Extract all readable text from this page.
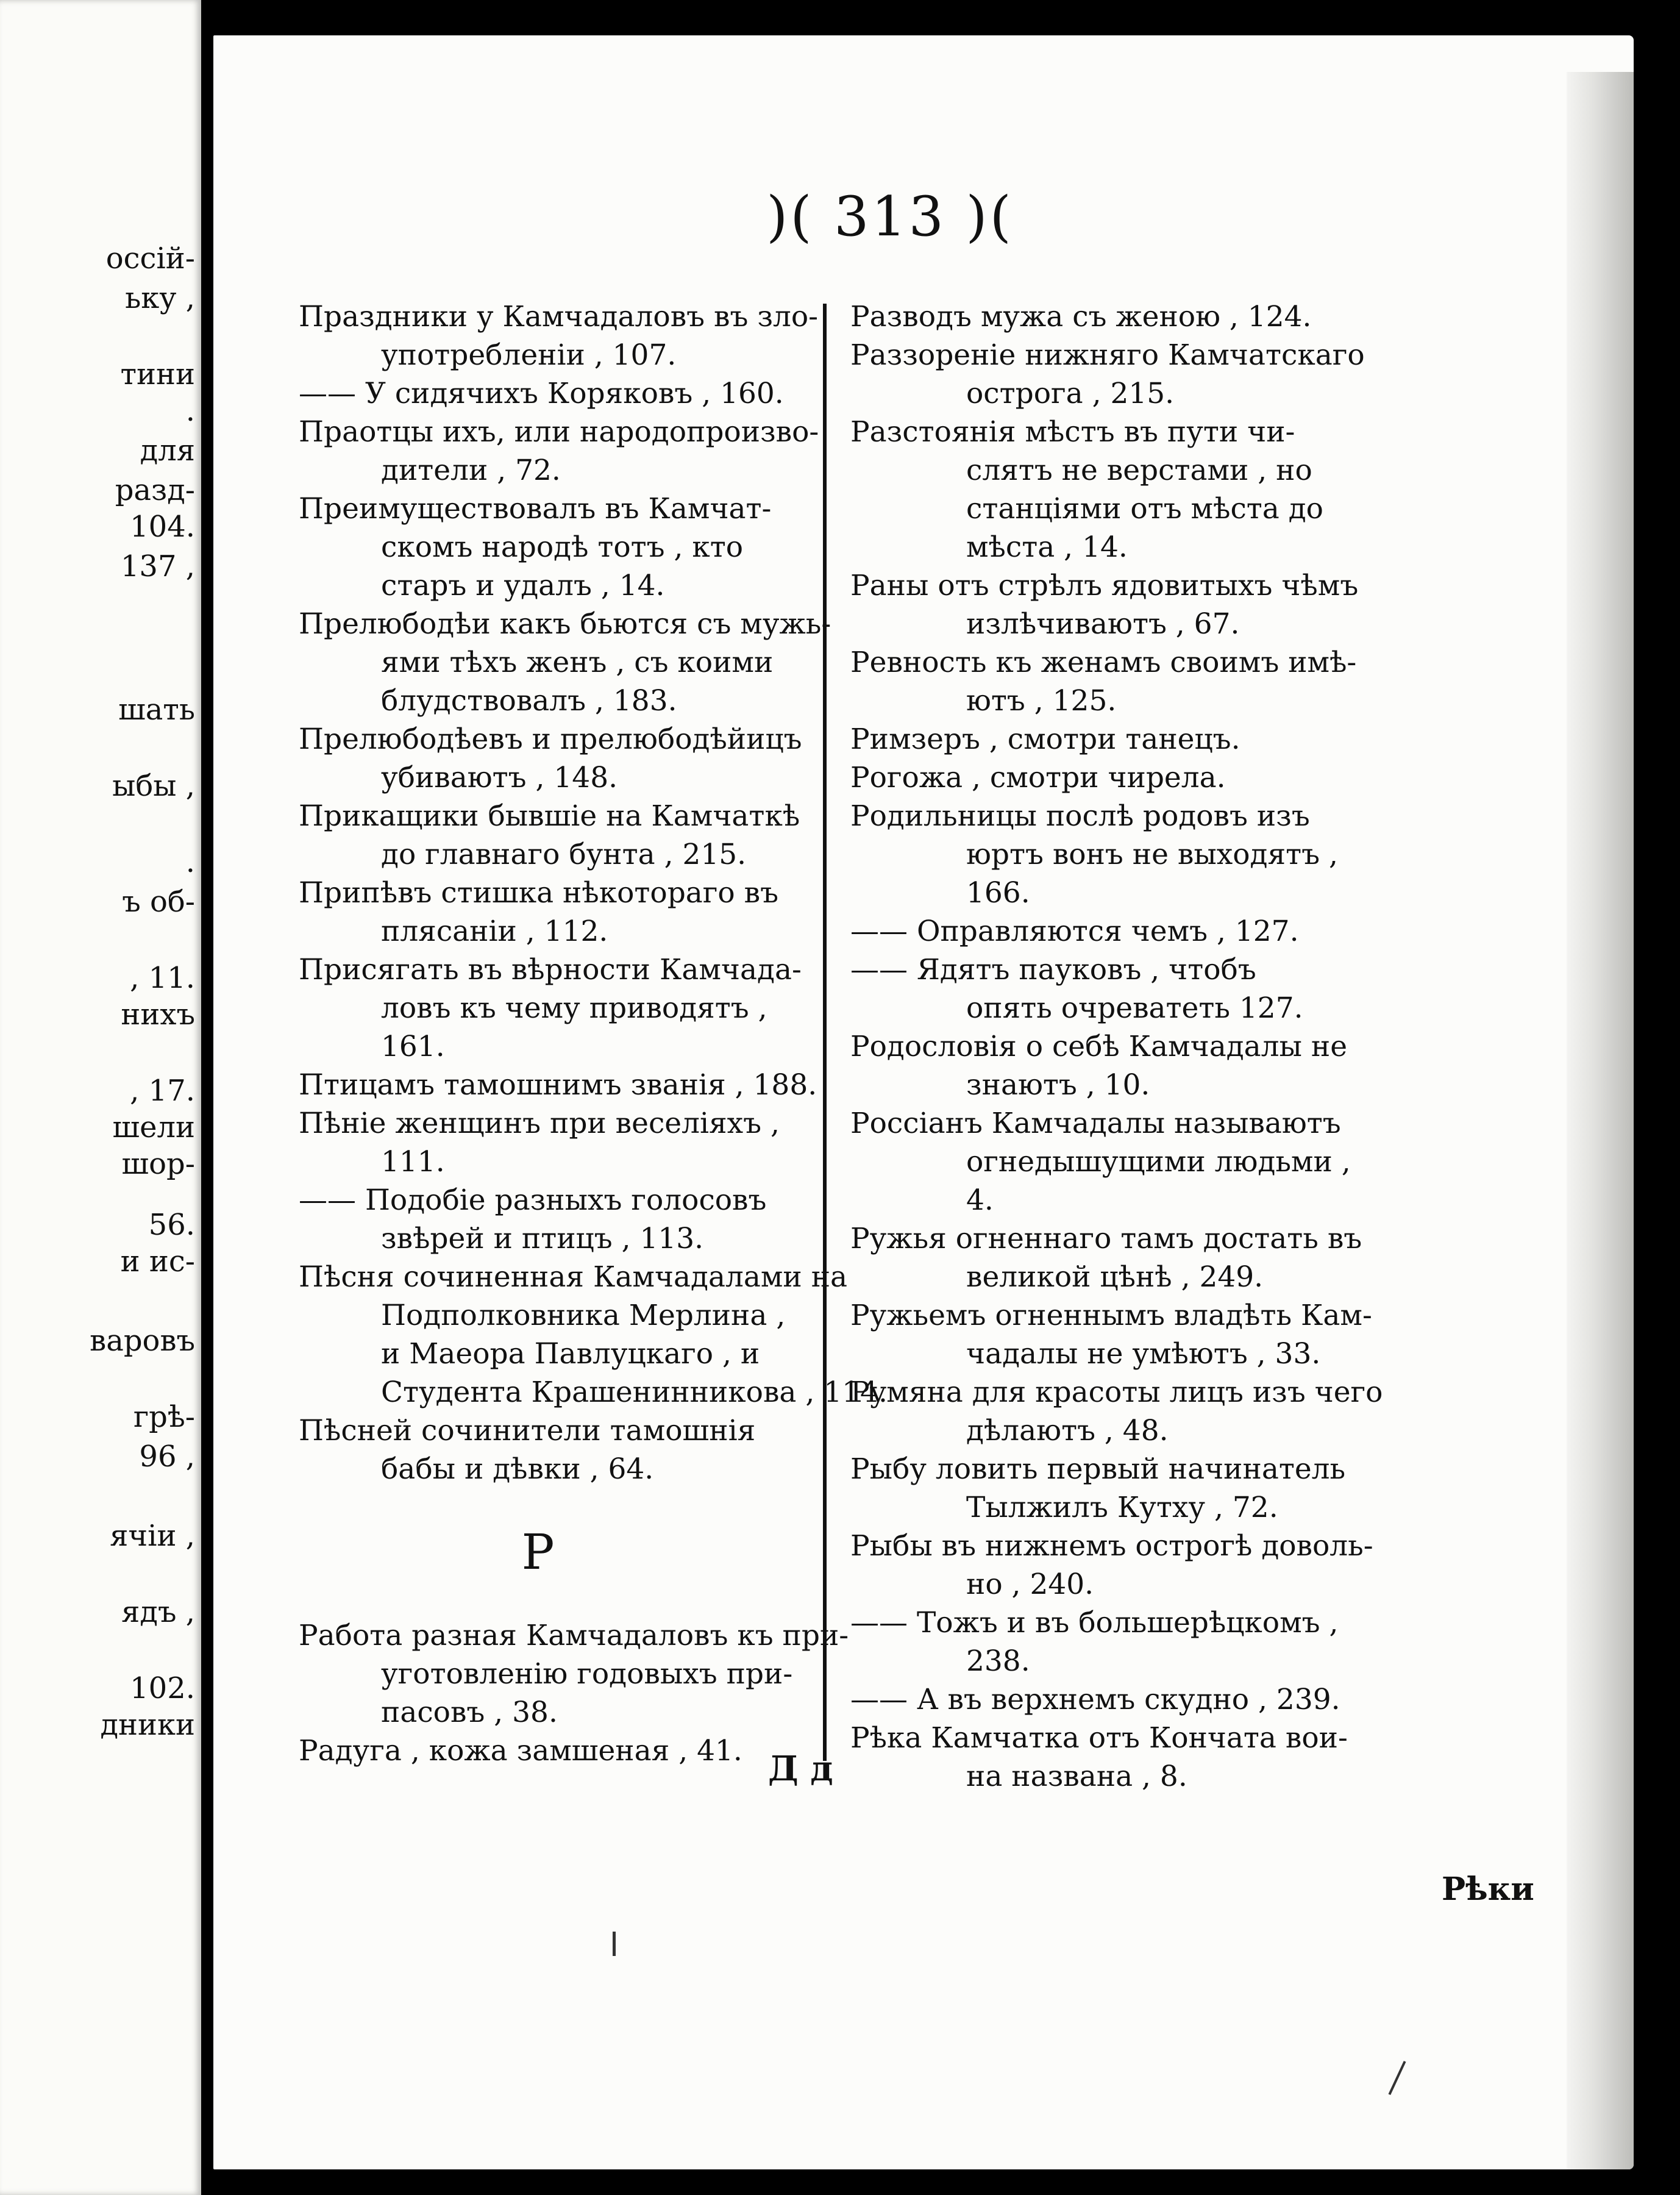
оссій-
ьку ,
тини
.
для
разд-
104.
137 ,
шать
ыбы ,
.
ъ об-
, 11.
нихъ
, 17.
шели
шор-
56.
и ис-
варовъ
грѣ-
96 ,
ячіи ,
ядъ ,
102.
дники
)( 313 )(
Праздники у Камчадаловъ въ зло-
употребленіи , 107.
—— У сидячихъ Коряковъ , 160.
Праотцы ихъ, или народопроизво-
дители , 72.
Преимуществовалъ въ Камчат-
скомъ народѣ тотъ , кто
старъ и удалъ , 14.
Прелюбодѣи какъ бьются съ мужь-
ями тѣхъ женъ , съ коими
блудствовалъ , 183.
Прелюбодѣевъ и прелюбодѣйицъ
убиваютъ , 148.
Прикащики бывшіе на Камчаткѣ
до главнаго бунта , 215.
Припѣвъ стишка нѣкотораго въ
плясаніи , 112.
Присягать въ вѣрности Камчада-
ловъ къ чему приводятъ ,
161.
Птицамъ тамошнимъ званія , 188.
Пѣніе женщинъ при веселіяхъ ,
111.
—— Подобіе разныхъ голосовъ
звѣрей и птицъ , 113.
Пѣсня сочиненная Камчадалами на
Подполковника Мерлина ,
и Маеора Павлуцкаго , и
Студента Крашенинникова , 114.
Пѣсней сочинители тамошнія
бабы и дѣвки , 64.
Р
Работа разная Камчадаловъ къ при-
уготовленію годовыхъ при-
пасовъ , 38.
Радуга , кожа замшеная , 41.
Разводъ мужа съ женою , 124.
Раззореніе нижняго Камчатскаго
острога , 215.
Разстоянія мѣстъ въ пути чи-
слятъ не верстами , но
станціями отъ мѣста до
мѣста , 14.
Раны отъ стрѣлъ ядовитыхъ чѣмъ
излѣчиваютъ , 67.
Ревность къ женамъ своимъ имѣ-
ютъ , 125.
Римзеръ , смотри танецъ.
Рогожа , смотри чирела.
Родильницы послѣ родовъ изъ
юртъ вонъ не выходятъ ,
166.
—— Оправляются чемъ , 127.
—— Ядятъ пауковъ , чтобъ
опять очреватеть 127.
Родословія о себѣ Камчадалы не
знаютъ , 10.
Россіанъ Камчадалы называютъ
огнедышущими людьми ,
4.
Ружья огненнаго тамъ достать въ
великой цѣнѣ , 249.
Ружьемъ огненнымъ владѣть Кам-
чадалы не умѣютъ , 33.
Румяна для красоты лицъ изъ чего
дѣлаютъ , 48.
Рыбу ловить первый начинатель
Тылжилъ Кутху , 72.
Рыбы въ нижнемъ острогѣ доволь-
но , 240.
—— Тожъ и въ большерѣцкомъ ,
238.
—— А въ верхнемъ скудно , 239.
Рѣка Камчатка отъ Кончата вои-
на названа , 8.
Д д
Рѣки
